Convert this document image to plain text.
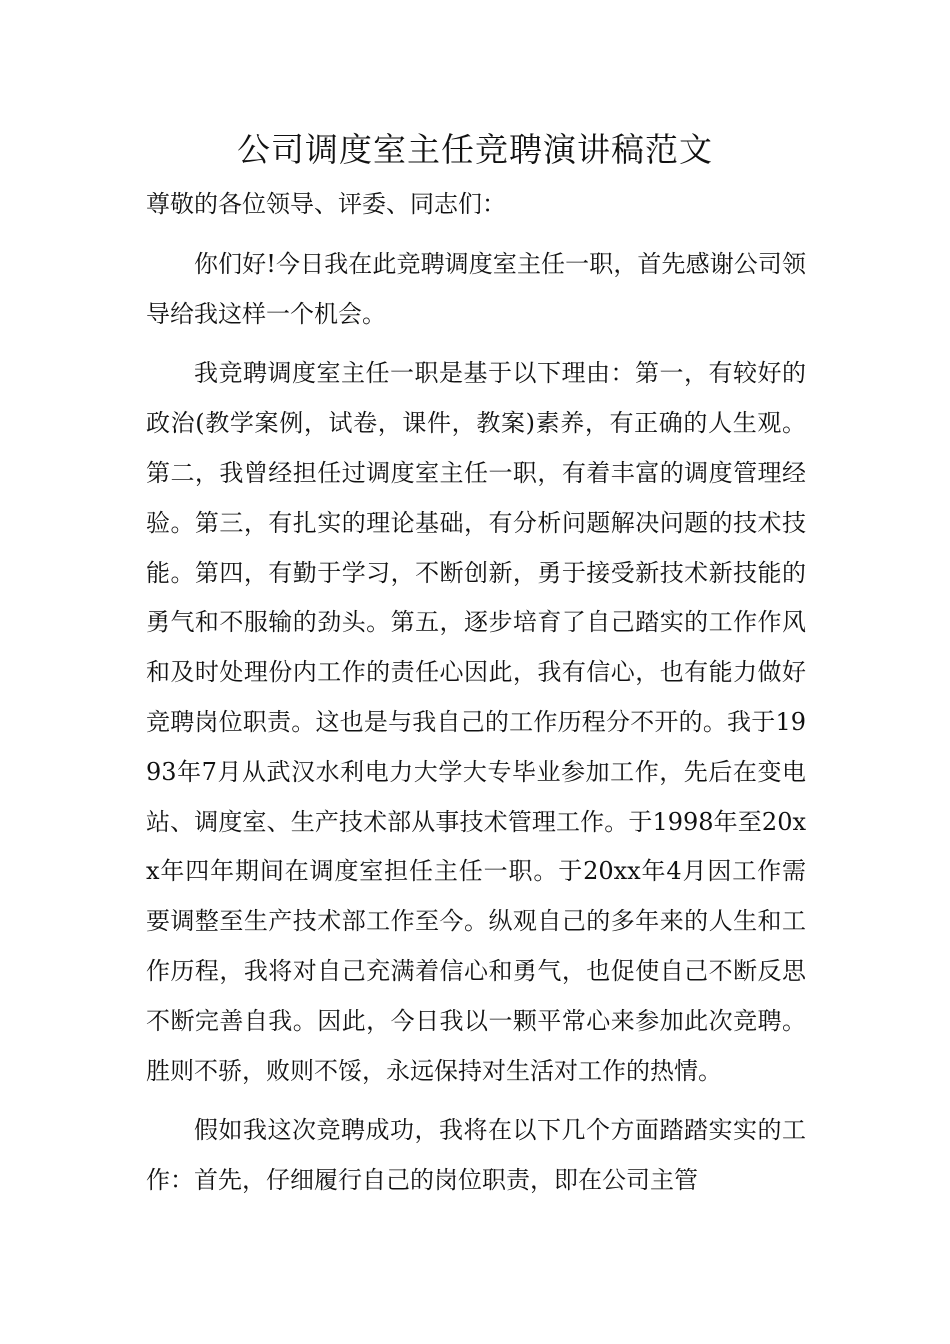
公司调度室主任竞聘演讲稿范文

尊敬的各位领导、评委、同志们：

你们好!今日我在此竞聘调度室主任一职，首先感谢公司领导给我这样一个机会。

我竞聘调度室主任一职是基于以下理由：第一，有较好的政治(教学案例，试卷，课件，教案)素养，有正确的人生观。第二，我曾经担任过调度室主任一职，有着丰富的调度管理经验。第三，有扎实的理论基础，有分析问题解决问题的技术技能。第四，有勤于学习，不断创新，勇于接受新技术新技能的勇气和不服输的劲头。第五，逐步培育了自己踏实的工作作风和及时处理份内工作的责任心因此，我有信心，也有能力做好竞聘岗位职责。这也是与我自己的工作历程分不开的。我于1993年7月从武汉水利电力大学大专毕业参加工作，先后在变电站、调度室、生产技术部从事技术管理工作。于1998年至20xx年四年期间在调度室担任主任一职。于20xx年4月因工作需要调整至生产技术部工作至今。纵观自己的多年来的人生和工作历程，我将对自己充满着信心和勇气，也促使自己不断反思不断完善自我。因此，今日我以一颗平常心来参加此次竞聘。胜则不骄，败则不馁，永远保持对生活对工作的热情。

假如我这次竞聘成功，我将在以下几个方面踏踏实实的工作：首先，仔细履行自己的岗位职责，即在公司主管
